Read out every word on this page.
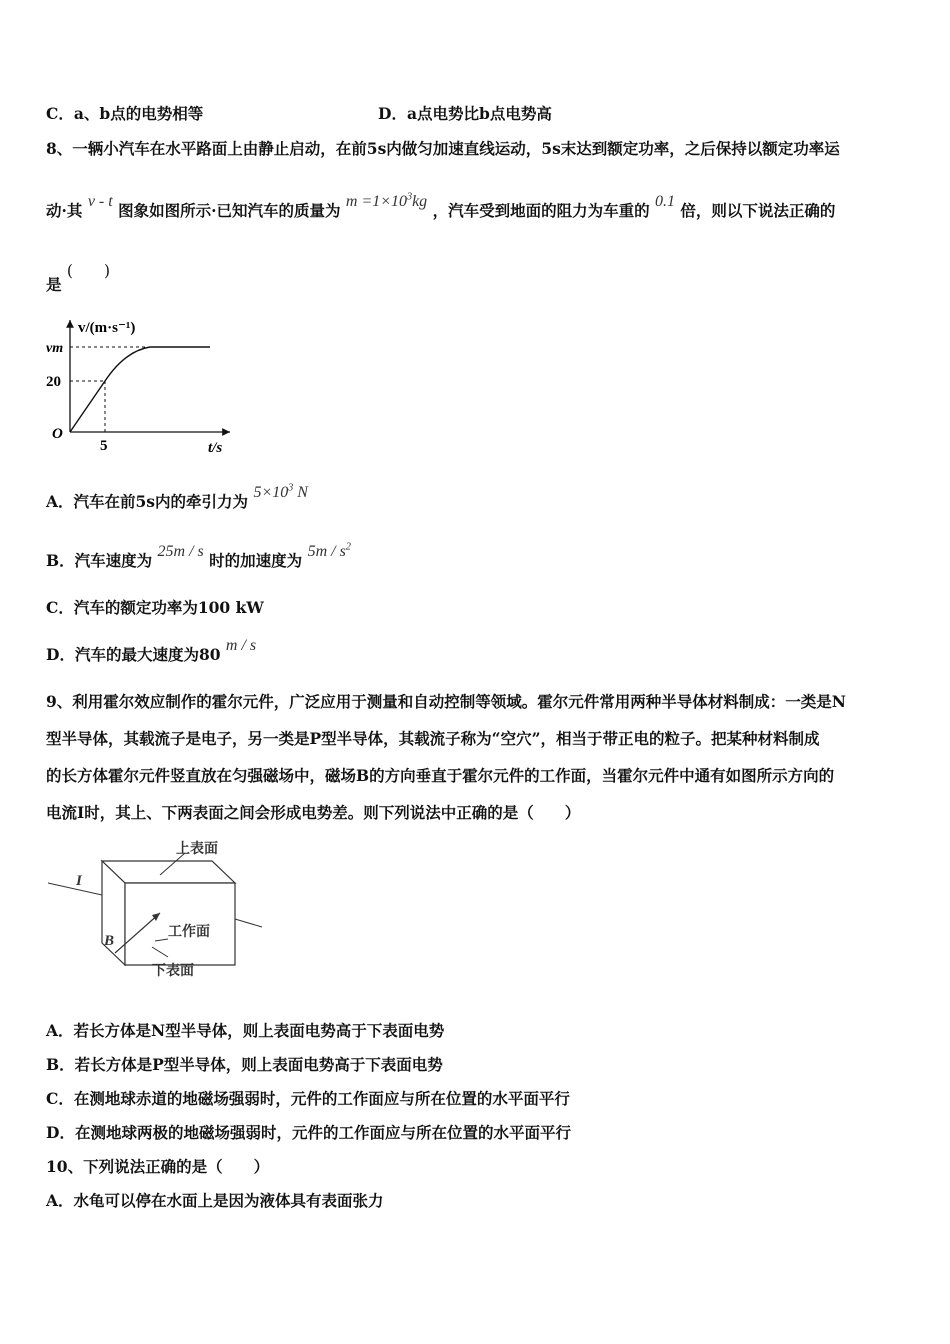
C．a、b点的电势相等	D．a点电势比b点电势高
8、一辆小汽车在水平路面上由静止启动，在前5s内做匀加速直线运动，5s末达到额定功率，之后保持以额定功率运
动·其 v - t 图象如图所示·已知汽车的质量为 $m =1\times 10^3kg$ ，汽车受到地面的阻力为车重的 0.1 倍，则以下说法正确的
是 (　　)
v/(m·s⁻¹)
vm
20
O
5	t/s
A．汽车在前5s内的牵引力为 $5\times 10^3$ N
B．汽车速度为 25m / s 时的加速度为 $5m / s^2$
C．汽车的额定功率为100 kW
D．汽车的最大速度为80 m / s
9、利用霍尔效应制作的霍尔元件，广泛应用于测量和自动控制等领域。霍尔元件常用两种半导体材料制成：一类是N
型半导体，其载流子是电子，另一类是P型半导体，其载流子称为“空穴”，相当于带正电的粒子。把某种材料制成
的长方体霍尔元件竖直放在匀强磁场中，磁场B的方向垂直于霍尔元件的工作面，当霍尔元件中通有如图所示方向的
电流I时，其上、下两表面之间会形成电势差。则下列说法中正确的是（　　）
上表面
工作面
下表面
I
B
A．若长方体是N型半导体，则上表面电势高于下表面电势
B．若长方体是P型半导体，则上表面电势高于下表面电势
C．在测地球赤道的地磁场强弱时，元件的工作面应与所在位置的水平面平行
D．在测地球两极的地磁场强弱时，元件的工作面应与所在位置的水平面平行
10、下列说法正确的是（　　）
A．水龟可以停在水面上是因为液体具有表面张力
